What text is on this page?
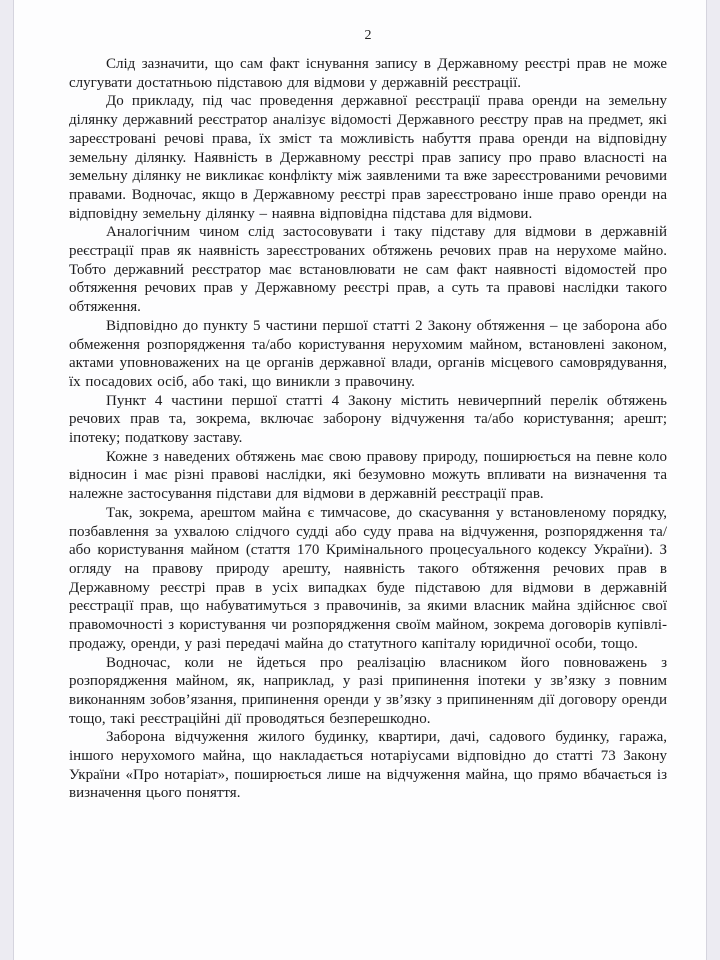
2

Слід зазначити, що сам факт існування запису в Державному реєстрі прав не може слугувати достатньою підставою для відмови у державній реєстрації.

До прикладу, під час проведення державної реєстрації права оренди на земельну ділянку державний реєстратор аналізує відомості Державного реєстру прав на предмет, які зареєстровані речові права, їх зміст та можливість набуття права оренди на відповідну земельну ділянку. Наявність в Державному реєстрі прав запису про право власності на земельну ділянку не викликає конфлікту між заявленими та вже зареєстрованими речовими правами. Водночас, якщо в Державному реєстрі прав зареєстровано інше право оренди на відповідну земельну ділянку – наявна відповідна підстава для відмови.

Аналогічним чином слід застосовувати і таку підставу для відмови в державній реєстрації прав як наявність зареєстрованих обтяжень речових прав на нерухоме майно. Тобто державний реєстратор має встановлювати не сам факт наявності відомостей про обтяження речових прав у Державному реєстрі прав, а суть та правові наслідки такого обтяження.

Відповідно до пункту 5 частини першої статті 2 Закону обтяження – це заборона або обмеження розпорядження та/або користування нерухомим майном, встановлені законом, актами уповноважених на це органів державної влади, органів місцевого самоврядування, їх посадових осіб, або такі, що виникли з правочину.

Пункт 4 частини першої статті 4 Закону містить невичерпний перелік обтяжень речових прав та, зокрема, включає заборону відчуження та/або користування; арешт; іпотеку; податкову заставу.

Кожне з наведених обтяжень має свою правову природу, поширюється на певне коло відносин і має різні правові наслідки, які безумовно можуть впливати на визначення та належне застосування підстави для відмови в державній реєстрації прав.

Так, зокрема, арештом майна є тимчасове, до скасування у встановленому порядку, позбавлення за ухвалою слідчого судді або суду права на відчуження, розпорядження та/або користування майном (стаття 170 Кримінального процесуального кодексу України). З огляду на правову природу арешту, наявність такого обтяження речових прав в Державному реєстрі прав в усіх випадках буде підставою для відмови в державній реєстрації прав, що набуватимуться з правочинів, за якими власник майна здійснює свої правомочності з користування чи розпорядження своїм майном, зокрема договорів купівлі-продажу, оренди, у разі передачі майна до статутного капіталу юридичної особи, тощо.

Водночас, коли не йдеться про реалізацію власником його повноважень з розпорядження майном, як, наприклад, у разі припинення іпотеки у зв’язку з повним виконанням зобов’язання, припинення оренди у зв’язку з припиненням дії договору оренди тощо, такі реєстраційні дії проводяться безперешкодно.

Заборона відчуження жилого будинку, квартири, дачі, садового будинку, гаража, іншого нерухомого майна, що накладається нотаріусами відповідно до статті 73 Закону України «Про нотаріат», поширюється лише на відчуження майна, що прямо вбачається із визначення цього поняття.
